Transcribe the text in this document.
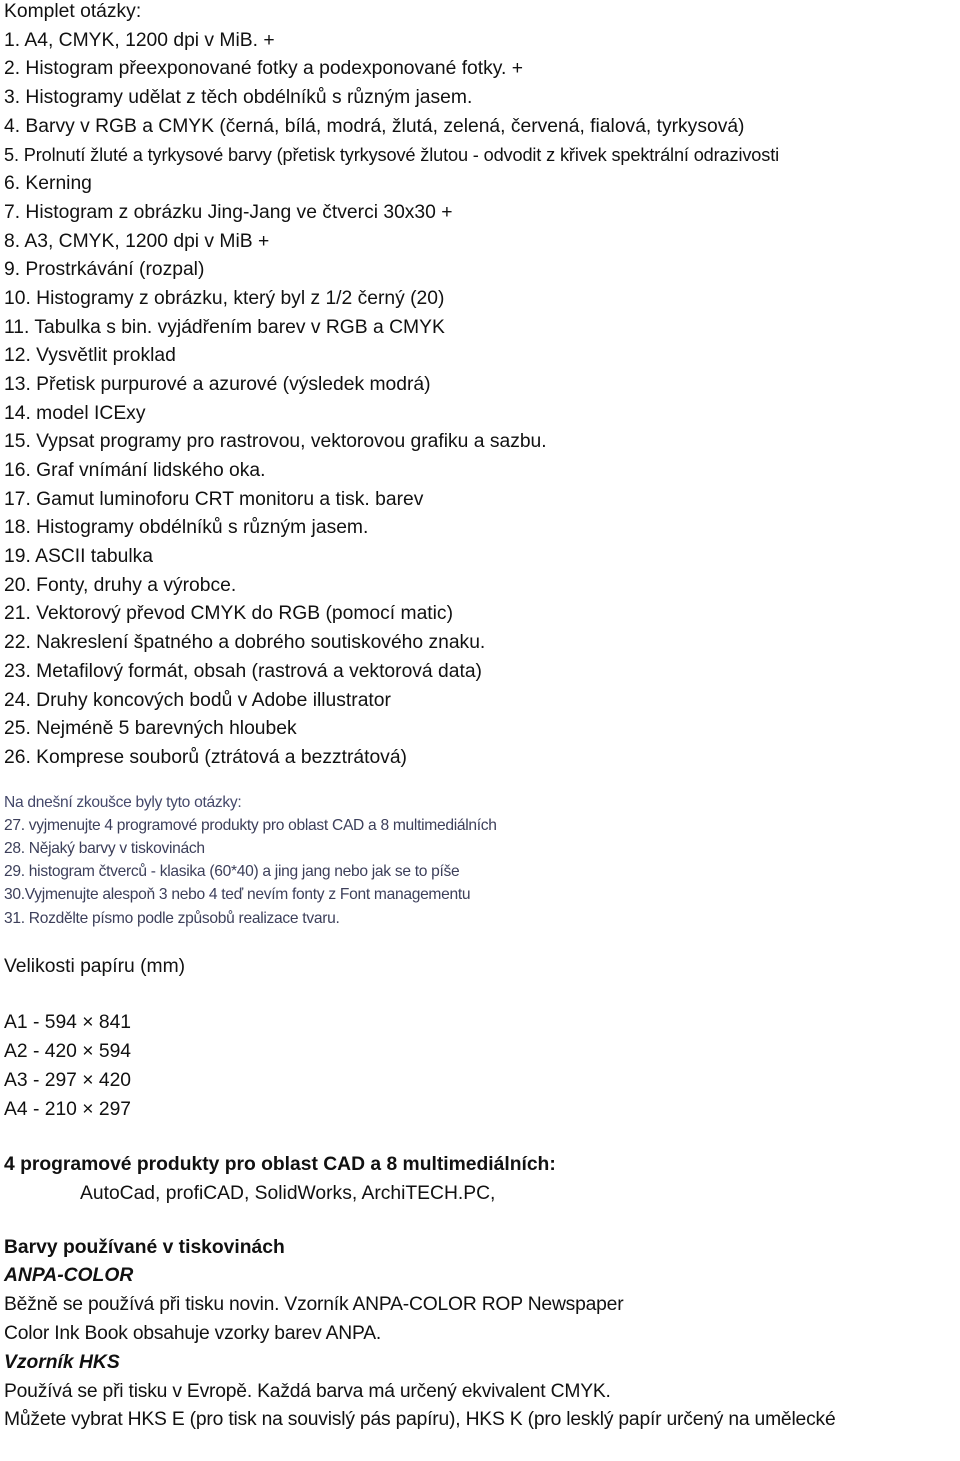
Komplet otázky:
1. A4, CMYK, 1200 dpi v MiB. +
2. Histogram přeexponované fotky a podexponované fotky. +
3. Histogramy udělat z těch obdélníků s různým jasem.
4. Barvy v RGB a CMYK (černá, bílá, modrá, žlutá, zelená, červená, fialová, tyrkysová)
5. Prolnutí žluté a tyrkysové barvy (přetisk tyrkysové žlutou - odvodit z křivek spektrální odrazivosti
6. Kerning
7. Histogram z obrázku Jing-Jang ve čtverci 30x30 +
8. A3, CMYK, 1200 dpi v MiB +
9. Prostrkávání (rozpal)
10. Histogramy z obrázku, který byl z 1/2 černý (20)
11. Tabulka s bin. vyjádřením barev v RGB a CMYK
12. Vysvětlit proklad
13. Přetisk purpurové a azurové (výsledek modrá)
14. model ICExy
15. Vypsat programy pro rastrovou, vektorovou grafiku a sazbu.
16. Graf vnímání lidského oka.
17. Gamut luminoforu CRT monitoru a tisk. barev
18. Histogramy obdélníků s různým jasem.
19. ASCII tabulka
20. Fonty, druhy a výrobce.
21. Vektorový převod CMYK do RGB (pomocí matic)
22. Nakreslení špatného a dobrého soutiskového znaku.
23. Metafilový formát, obsah (rastrová a vektorová data)
24. Druhy koncových bodů v Adobe illustrator
25. Nejméně 5 barevných hloubek
26. Komprese souborů (ztrátová a bezztrátová)
Na dnešní zkoušce byly tyto otázky:
27. vyjmenujte 4 programové produkty pro oblast CAD a 8 multimediálních
28. Nějaký barvy v tiskovinách
29. histogram čtverců - klasika (60*40) a jing jang nebo jak se to píše
30.Vyjmenujte alespoň 3 nebo 4 teď nevím fonty z Font managementu
31. Rozdělte písmo podle způsobů realizace tvaru.
Velikosti papíru (mm)
A1 - 594 × 841
A2 - 420 × 594
A3 - 297 × 420
A4 - 210 × 297
4 programové produkty pro oblast CAD a 8 multimediálních:
AutoCad, profiCAD, SolidWorks, ArchiTECH.PC,
Barvy používané v tiskovinách
ANPA-COLOR
Běžně se používá při tisku novin. Vzorník ANPA-COLOR ROP Newspaper
Color Ink Book obsahuje vzorky barev ANPA.
Vzorník HKS
Používá se při tisku v Evropě. Každá barva má určený ekvivalent CMYK.
Můžete vybrat HKS E (pro tisk na souvislý pás papíru), HKS K (pro lesklý papír určený na umělecké
